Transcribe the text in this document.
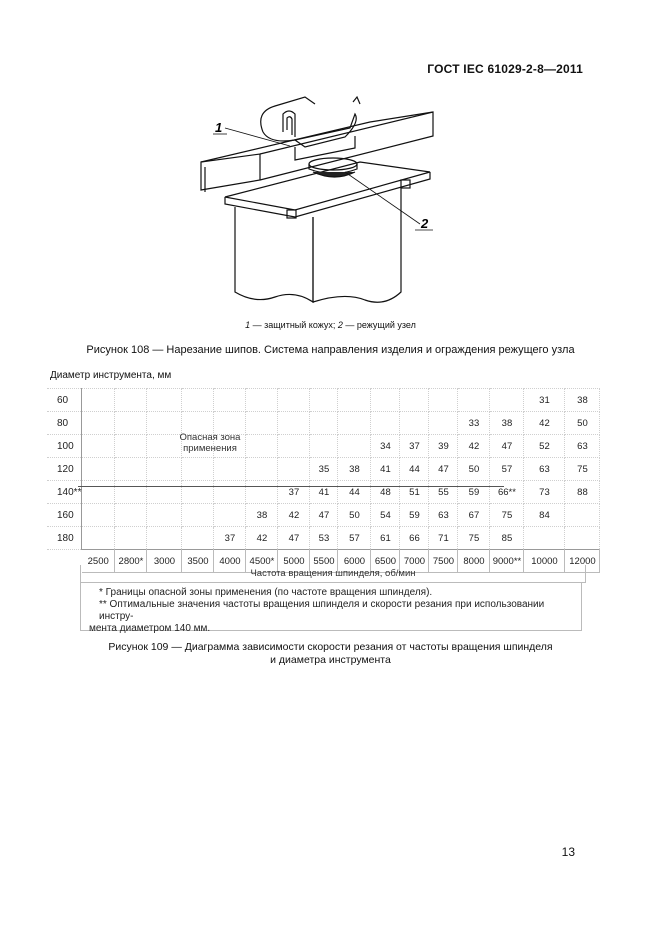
ГОСТ IEC 61029-2-8—2011
1
2
1 — защитный кожух; 2 — режущий узел
Рисунок 108 — Нарезание шипов. Система направления изделия и ограждения режущего узла
Диаметр инструмента, мм
60															31	38
80													33	38	42	50
100										34	37	39	42	47	52	63
120								35	38	41	44	47	50	57	63	75
140**							37	41	44	48	51	55	59	66**	73	88
160						38	42	47	50	54	59	63	67	75	84	
180					37	42	47	53	57	61	66	71	75	85		
	2500	2800*	3000	3500	4000	4500*	5000	5500	6000	6500	7000	7500	8000	9000**	10000	12000
Опасная зона
применения
Частота вращения шпинделя, об/мин
* Границы опасной зоны применения (по частоте вращения шпинделя).
** Оптимальные значения частоты вращения шпинделя и скорости резания при использовании инстру-
мента диаметром 140 мм.
Рисунок 109 — Диаграмма зависимости скорости резания от частоты вращения шпинделя
и диаметра инструмента
13
